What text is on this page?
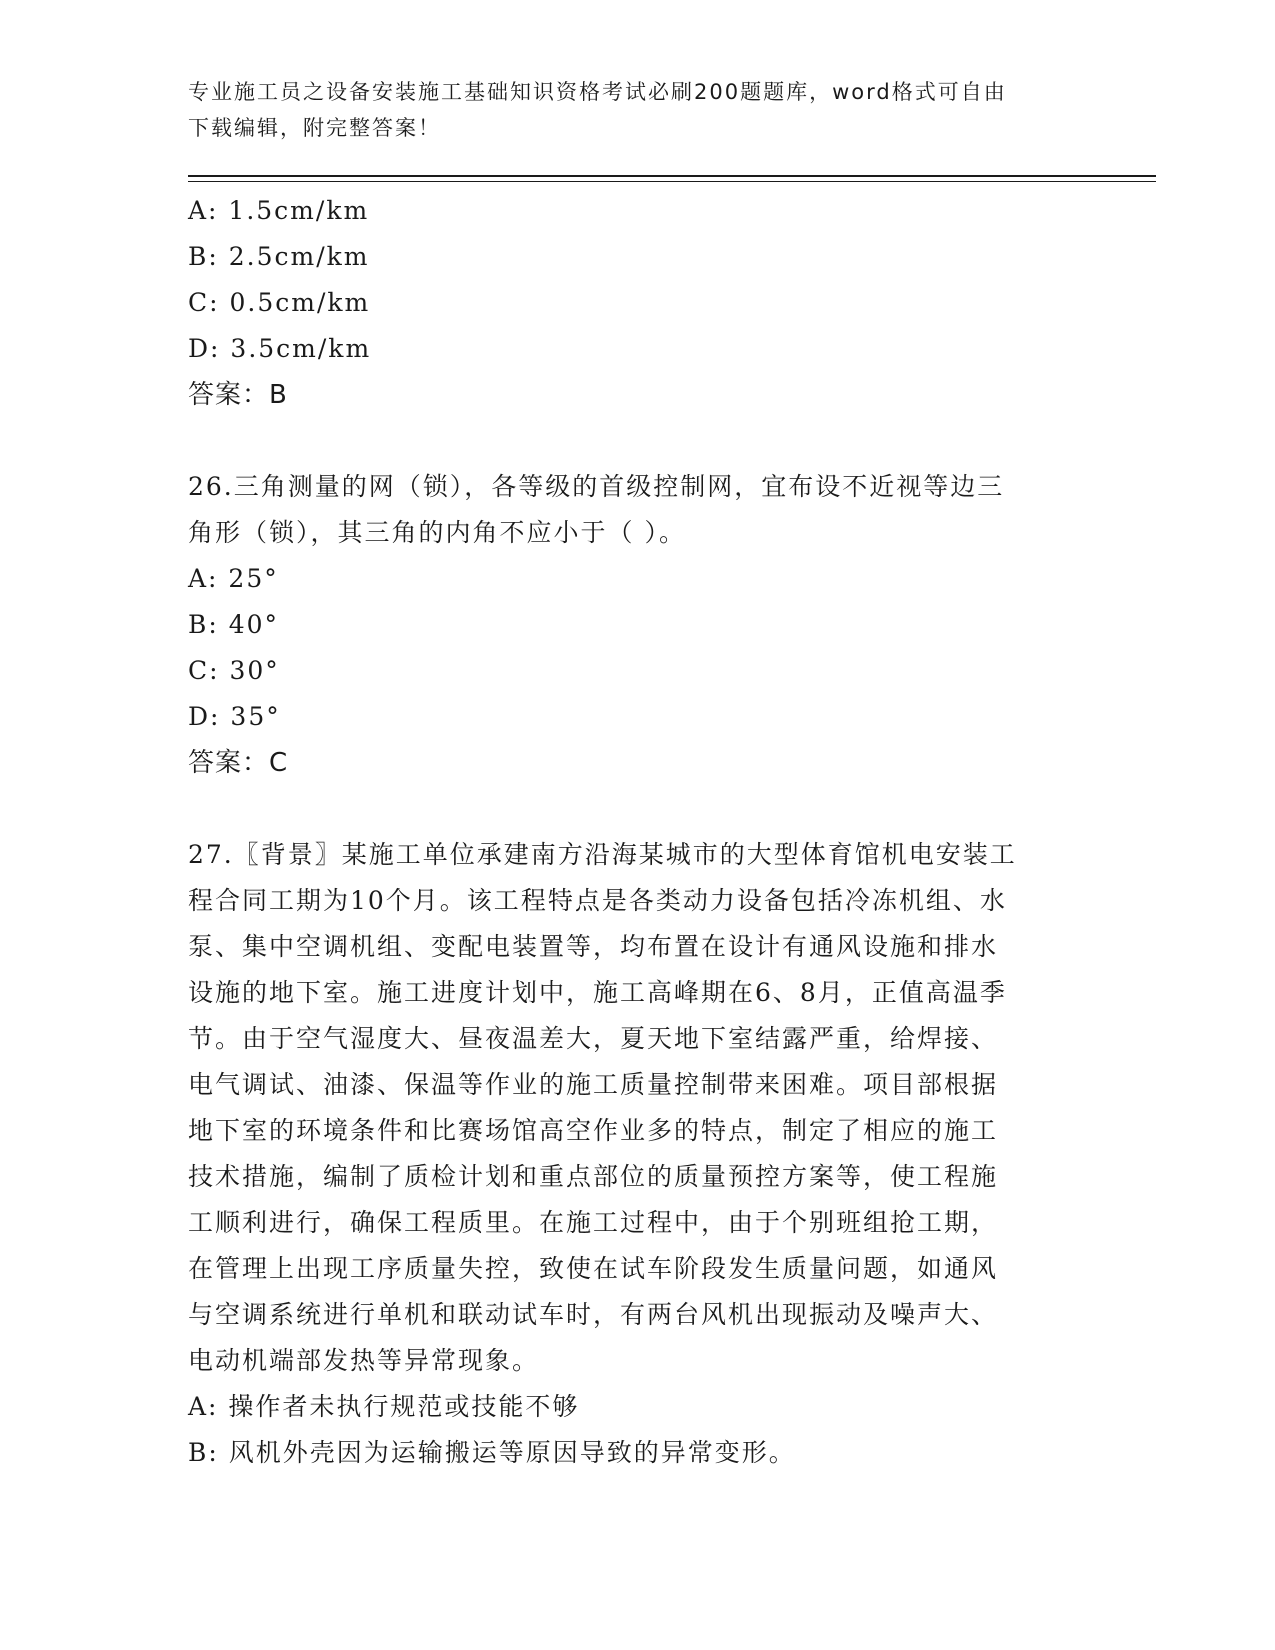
专业施工员之设备安装施工基础知识资格考试必刷200题题库，word格式可自由
下载编辑，附完整答案！
A: 1.5cm/km
B: 2.5cm/km
C: 0.5cm/km
D: 3.5cm/km
答案：B
26.三角测量的网（锁），各等级的首级控制网，宜布设不近视等边三
角形（锁），其三角的内角不应小于（ ）。
A: 25°
B: 40°
C: 30°
D: 35°
答案：C
27.〖背景〗某施工单位承建南方沿海某城市的大型体育馆机电安装工
程合同工期为10个月。该工程特点是各类动力设备包括冷冻机组、水
泵、集中空调机组、变配电装置等，均布置在设计有通风设施和排水
设施的地下室。施工进度计划中，施工高峰期在6、8月，正值高温季
节。由于空气湿度大、昼夜温差大，夏天地下室结露严重，给焊接、
电气调试、油漆、保温等作业的施工质量控制带来困难。项目部根据
地下室的环境条件和比赛场馆高空作业多的特点，制定了相应的施工
技术措施，编制了质检计划和重点部位的质量预控方案等，使工程施
工顺利进行，确保工程质里。在施工过程中，由于个别班组抢工期，
在管理上出现工序质量失控，致使在试车阶段发生质量问题，如通风
与空调系统进行单机和联动试车时，有两台风机出现振动及噪声大、
电动机端部发热等异常现象。
A: 操作者未执行规范或技能不够
B: 风机外壳因为运输搬运等原因导致的异常变形。
